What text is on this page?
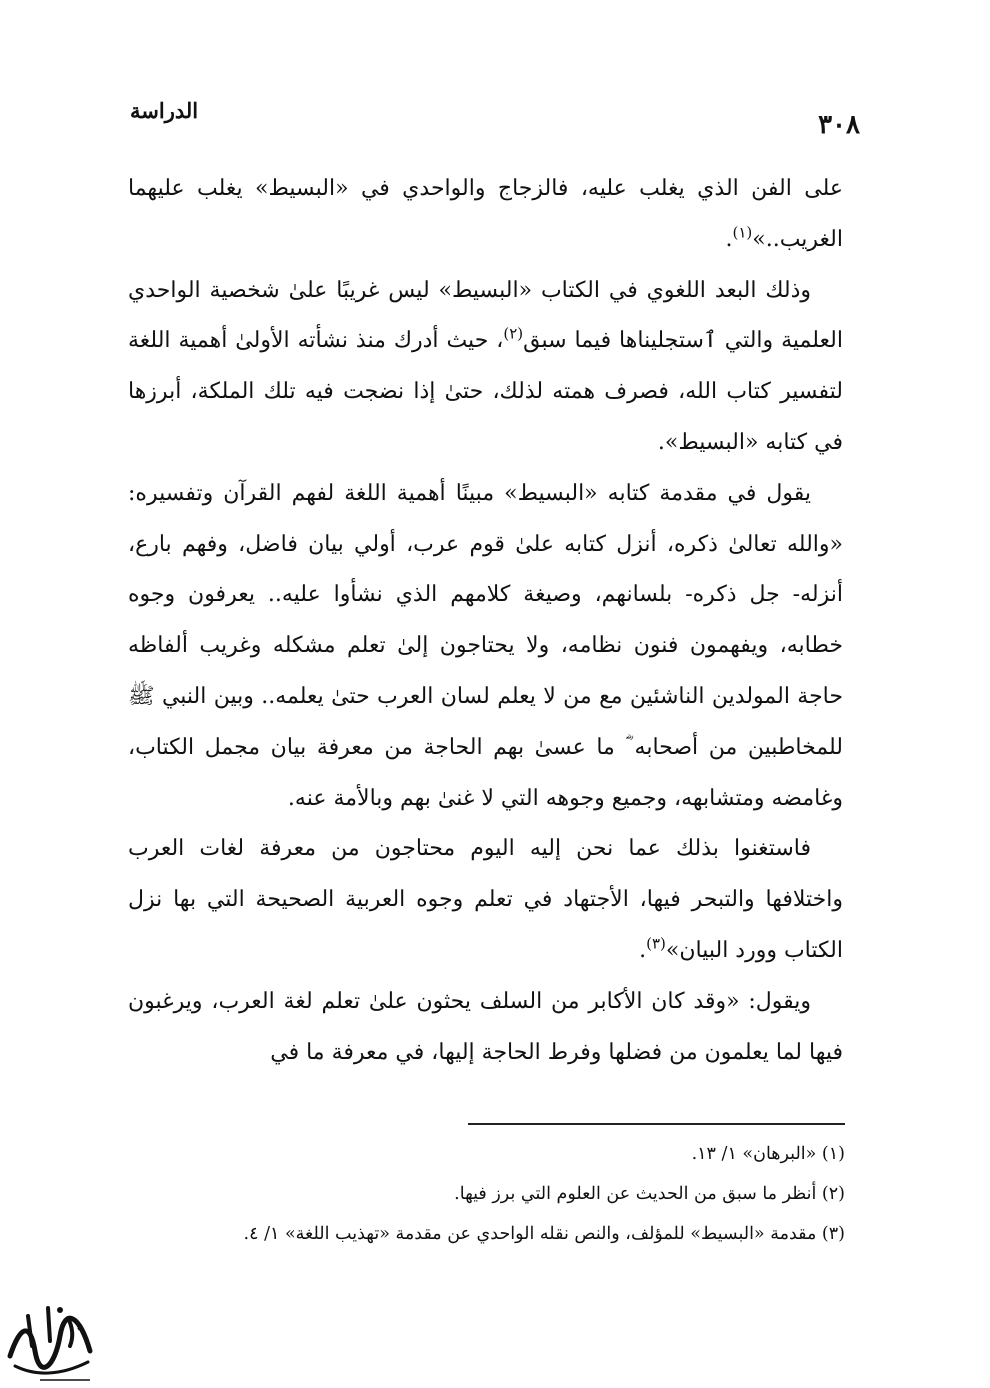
الدراسة	٣٠٨

على الفن الذي يغلب عليه، فالزجاج والواحدي في «البسيط» يغلب عليهما الغريب..»$^{(١)}$.

وذلك البعد اللغوي في الكتاب «البسيط» ليس غريبًا علىٰ شخصية الواحدي العلمية والتي ٱستجليناها فيما سبق$^{(٢)}$، حيث أدرك منذ نشأته الأولىٰ أهمية اللغة لتفسير كتاب الله، فصرف همته لذلك، حتىٰ إذا نضجت فيه تلك الملكة، أبرزها في كتابه «البسيط».

يقول في مقدمة كتابه «البسيط» مبينًا أهمية اللغة لفهم القرآن وتفسيره: «والله تعالىٰ ذكره، أنزل كتابه علىٰ قوم عرب، أولي بيان فاضل، وفهم بارع، أنزله- جل ذكره- بلسانهم، وصيغة كلامهم الذي نشأوا عليه.. يعرفون وجوه خطابه، ويفهمون فنون نظامه، ولا يحتاجون إلىٰ تعلم مشكله وغريب ألفاظه حاجة المولدين الناشئين مع من لا يعلم لسان العرب حتىٰ يعلمه.. وبين النبي ﷺ للمخاطبين من أصحابه ؓ ما عسىٰ بهم الحاجة من معرفة بيان مجمل الكتاب، وغامضه ومتشابهه، وجميع وجوهه التي لا غنىٰ بهم وبالأمة عنه.

فاستغنوا بذلك عما نحن إليه اليوم محتاجون من معرفة لغات العرب واختلافها والتبحر فيها، الأجتهاد في تعلم وجوه العربية الصحيحة التي بها نزل الكتاب وورد البيان»$^{(٣)}$.

ويقول: «وقد كان الأكابر من السلف يحثون علىٰ تعلم لغة العرب، ويرغبون فيها لما يعلمون من فضلها وفرط الحاجة إليها، في معرفة ما في

(١) «البرهان» ١/ ١٣.

(٢) أنظر ما سبق من الحديث عن العلوم التي برز فيها.

(٣) مقدمة «البسيط» للمؤلف، والنص نقله الواحدي عن مقدمة «تهذيب اللغة» ١/ ٤.
